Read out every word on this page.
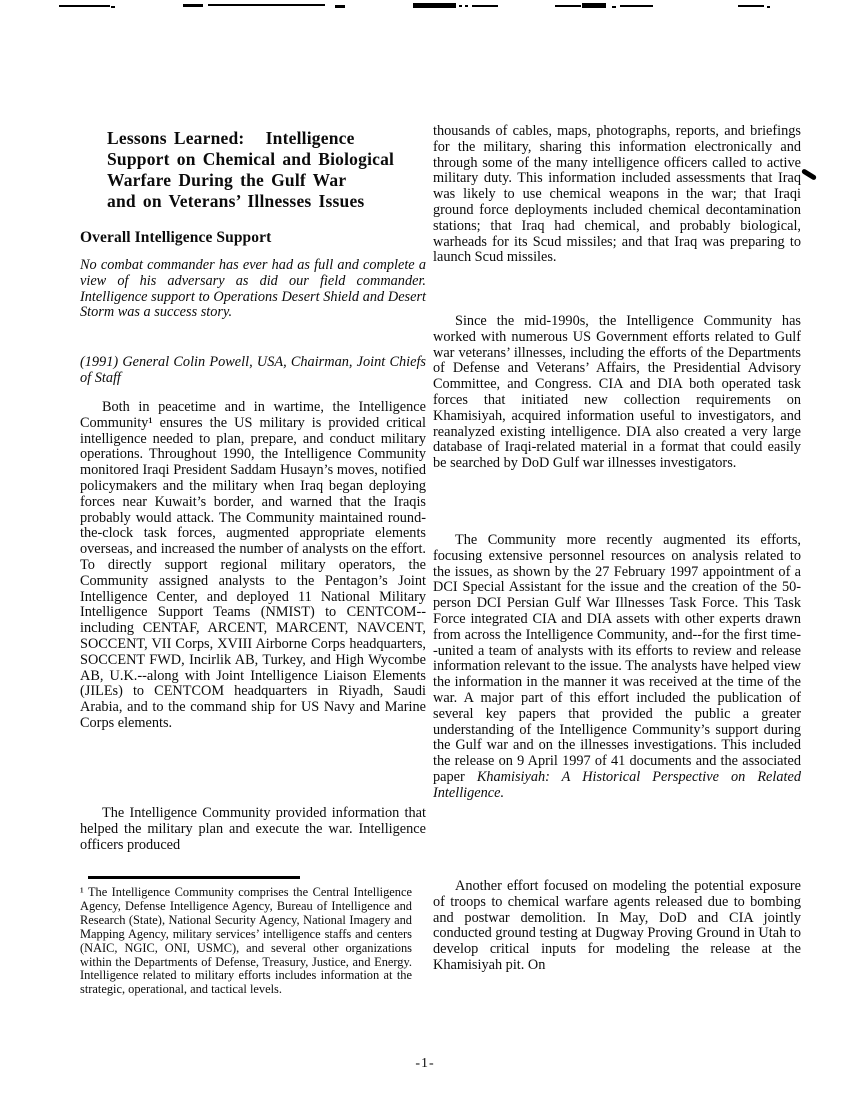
Lessons Learned:   Intelligence
Support on Chemical and Biological
Warfare During the Gulf War
and on Veterans’ Illnesses Issues
Overall Intelligence Support
No combat commander has ever had as full and complete a view of his adversary as did our field commander. Intelligence support to Operations Desert Shield and Desert Storm was a success story.
(1991) General Colin Powell, USA, Chairman, Joint Chiefs of Staff
Both in peacetime and in wartime, the Intelligence Community¹ ensures the US military is provided critical intelligence needed to plan, prepare, and conduct military operations. Throughout 1990, the Intelligence Community monitored Iraqi President Saddam Husayn’s moves, notified policymakers and the military when Iraq began deploying forces near Kuwait’s border, and warned that the Iraqis probably would attack. The Community maintained round-the-clock task forces, augmented appropriate elements overseas, and increased the number of analysts on the effort. To directly support regional military operators, the Community assigned analysts to the Pentagon’s Joint Intelligence Center, and deployed 11 National Military Intelligence Support Teams (NMIST) to CENTCOM--including CENTAF, ARCENT, MARCENT, NAVCENT, SOCCENT, VII Corps, XVIII Airborne Corps headquarters, SOCCENT FWD, Incirlik AB, Turkey, and High Wycombe AB, U.K.--along with Joint Intelligence Liaison Elements (JILEs) to CENTCOM headquarters in Riyadh, Saudi Arabia, and to the command ship for US Navy and Marine Corps elements.
The Intelligence Community provided information that helped the military plan and execute the war. Intelligence officers produced
¹ The Intelligence Community comprises the Central Intelligence Agency, Defense Intelligence Agency, Bureau of Intelligence and Research (State), National Security Agency, National Imagery and Mapping Agency, military services’ intelligence staffs and centers (NAIC, NGIC, ONI, USMC), and several other organizations within the Departments of Defense, Treasury, Justice, and Energy. Intelligence related to military efforts includes information at the strategic, operational, and tactical levels.
thousands of cables, maps, photographs, reports, and briefings for the military, sharing this information electronically and through some of the many intelligence officers called to active military duty. This information included assessments that Iraq was likely to use chemical weapons in the war; that Iraqi ground force deployments included chemical decontamination stations; that Iraq had chemical, and probably biological, warheads for its Scud missiles; and that Iraq was preparing to launch Scud missiles.
Since the mid-1990s, the Intelligence Community has worked with numerous US Government efforts related to Gulf war veterans’ illnesses, including the efforts of the Departments of Defense and Veterans’ Affairs, the Presidential Advisory Committee, and Congress. CIA and DIA both operated task forces that initiated new collection requirements on Khamisiyah, acquired information useful to investigators, and reanalyzed existing intelligence. DIA also created a very large database of Iraqi-related material in a format that could easily be searched by DoD Gulf war illnesses investigators.
The Community more recently augmented its efforts, focusing extensive personnel resources on analysis related to the issues, as shown by the 27 February 1997 appointment of a DCI Special Assistant for the issue and the creation of the 50-person DCI Persian Gulf War Illnesses Task Force. This Task Force integrated CIA and DIA assets with other experts drawn from across the Intelligence Community, and--for the first time--united a team of analysts with its efforts to review and release information relevant to the issue. The analysts have helped view the information in the manner it was received at the time of the war. A major part of this effort included the publication of several key papers that provided the public a greater understanding of the Intelligence Community’s support during the Gulf war and on the illnesses investigations. This included the release on 9 April 1997 of 41 documents and the associated paper Khamisiyah: A Historical Perspective on Related Intelligence.
Another effort focused on modeling the potential exposure of troops to chemical warfare agents released due to bombing and postwar demolition. In May, DoD and CIA jointly conducted ground testing at Dugway Proving Ground in Utah to develop critical inputs for modeling the release at the Khamisiyah pit. On
-1-
